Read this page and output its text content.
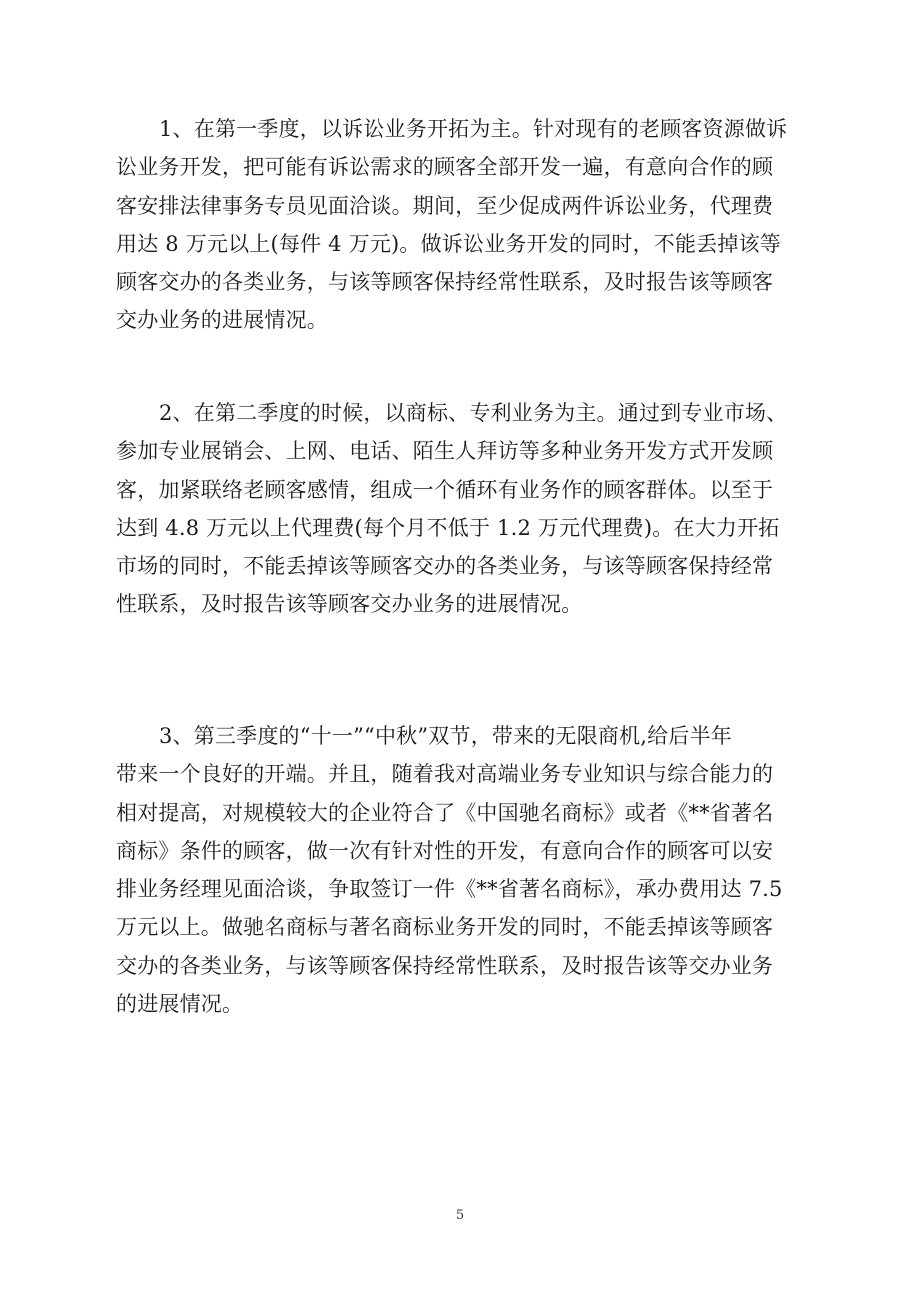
1、在第一季度，以诉讼业务开拓为主。针对现有的老顾客资源做诉
讼业务开发，把可能有诉讼需求的顾客全部开发一遍，有意向合作的顾
客安排法律事务专员见面洽谈。期间，至少促成两件诉讼业务，代理费
用达 8 万元以上(每件 4 万元)。做诉讼业务开发的同时，不能丢掉该等
顾客交办的各类业务，与该等顾客保持经常性联系，及时报告该等顾客
交办业务的进展情况。
2、在第二季度的时候，以商标、专利业务为主。通过到专业市场、
参加专业展销会、上网、电话、陌生人拜访等多种业务开发方式开发顾
客，加紧联络老顾客感情，组成一个循环有业务作的顾客群体。以至于
达到 4.8 万元以上代理费(每个月不低于 1.2 万元代理费)。在大力开拓
市场的同时，不能丢掉该等顾客交办的各类业务，与该等顾客保持经常
性联系，及时报告该等顾客交办业务的进展情况。
3、第三季度的“十一”“中秋”双节，带来的无限商机,给后半年
带来一个良好的开端。并且，随着我对高端业务专业知识与综合能力的
相对提高，对规模较大的企业符合了《中国驰名商标》或者《**省著名
商标》条件的顾客，做一次有针对性的开发，有意向合作的顾客可以安
排业务经理见面洽谈，争取签订一件《**省著名商标》，承办费用达 7.5
万元以上。做驰名商标与著名商标业务开发的同时，不能丢掉该等顾客
交办的各类业务，与该等顾客保持经常性联系，及时报告该等交办业务
的进展情况。
5
